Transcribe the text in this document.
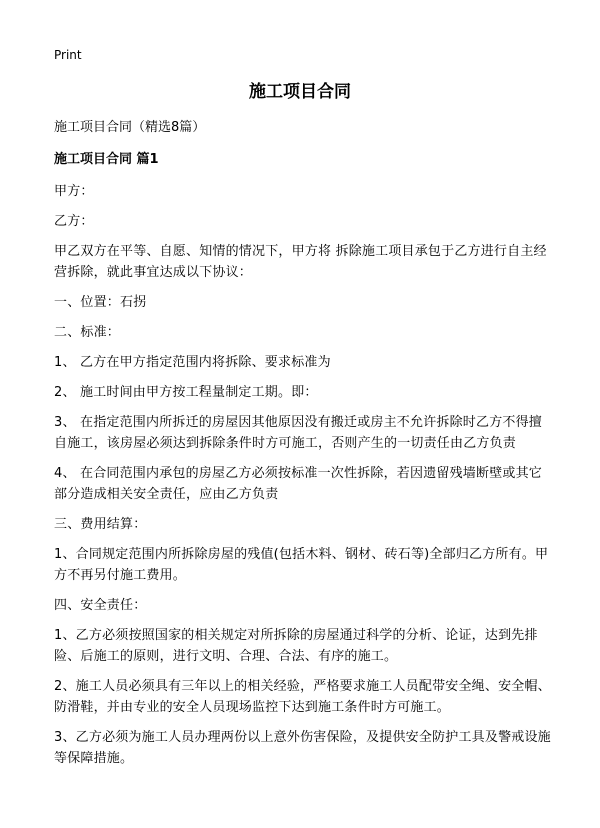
Print
施工项目合同
施工项目合同（精选8篇）
施工项目合同 篇1

甲方：

乙方：

甲乙双方在平等、自愿、知情的情况下，甲方将 拆除施工项目承包于乙方进行自主经营拆除，就此事宜达成以下协议：

一、位置：石拐

二、标准：

1、 乙方在甲方指定范围内将拆除、要求标准为

2、 施工时间由甲方按工程量制定工期。即：

3、 在指定范围内所拆迁的房屋因其他原因没有搬迁或房主不允许拆除时乙方不得擅自施工，该房屋必须达到拆除条件时方可施工，否则产生的一切责任由乙方负责

4、 在合同范围内承包的房屋乙方必须按标准一次性拆除，若因遗留残墙断壁或其它部分造成相关安全责任，应由乙方负责

三、费用结算：

1、合同规定范围内所拆除房屋的残值(包括木料、钢材、砖石等)全部归乙方所有。甲方不再另付施工费用。

四、安全责任：

1、乙方必须按照国家的相关规定对所拆除的房屋通过科学的分析、论证，达到先排险、后施工的原则，进行文明、合理、合法、有序的施工。

2、施工人员必须具有三年以上的相关经验，严格要求施工人员配带安全绳、安全帽、防滑鞋，并由专业的安全人员现场监控下达到施工条件时方可施工。

3、乙方必须为施工人员办理两份以上意外伤害保险，及提供安全防护工具及警戒设施等保障措施。
